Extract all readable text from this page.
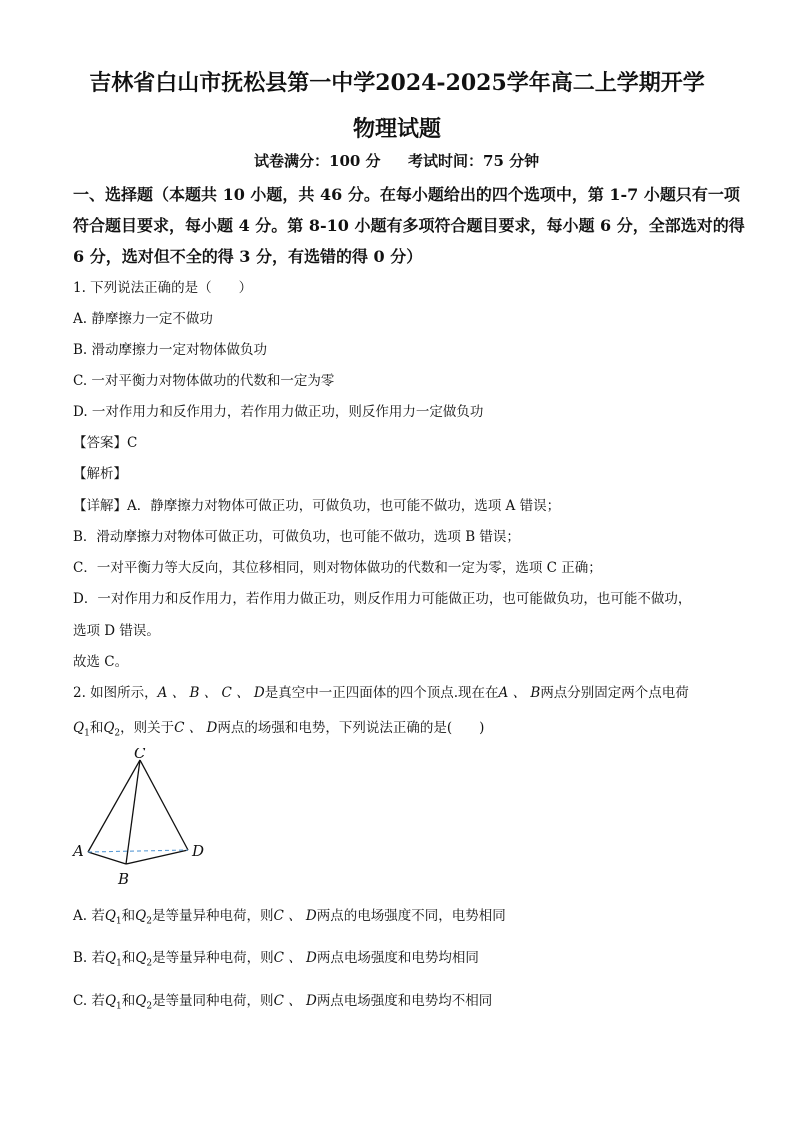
吉林省白山市抚松县第一中学2024-2025学年高二上学期开学
物理试题
试卷满分：100 分 考试时间：75 分钟
一、选择题（本题共 10 小题，共 46 分。在每小题给出的四个选项中，第 1-7 小题只有一项
符合题目要求，每小题 4 分。第 8-10 小题有多项符合题目要求，每小题 6 分，全部选对的得
6 分，选对但不全的得 3 分，有选错的得 0 分）
1. 下列说法正确的是（　　）
A. 静摩擦力一定不做功
B. 滑动摩擦力一定对物体做负功
C. 一对平衡力对物体做功的代数和一定为零
D. 一对作用力和反作用力，若作用力做正功，则反作用力一定做负功
【答案】C
【解析】
【详解】A．静摩擦力对物体可做正功，可做负功，也可能不做功，选项 A 错误；
B．滑动摩擦力对物体可做正功，可做负功，也可能不做功，选项 B 错误；
C．一对平衡力等大反向，其位移相同，则对物体做功的代数和一定为零，选项 C 正确；
D．一对作用力和反作用力，若作用力做正功，则反作用力可能做正功，也可能做负功，也可能不做功，
选项 D 错误。
故选 C。
2. 如图所示，A 、 B 、 C 、 D是真空中一正四面体的四个顶点.现在在A 、 B两点分别固定两个点电荷
$Q_1$和$Q_2$，则关于C 、 D两点的场强和电势，下列说法正确的是(　　)
C
A
B
D
A. 若$Q_1$和$Q_2$是等量异种电荷，则C 、 D两点的电场强度不同，电势相同
B. 若$Q_1$和$Q_2$是等量异种电荷，则C 、 D两点电场强度和电势均相同
C. 若$Q_1$和$Q_2$是等量同种电荷，则C 、 D两点电场强度和电势均不相同
